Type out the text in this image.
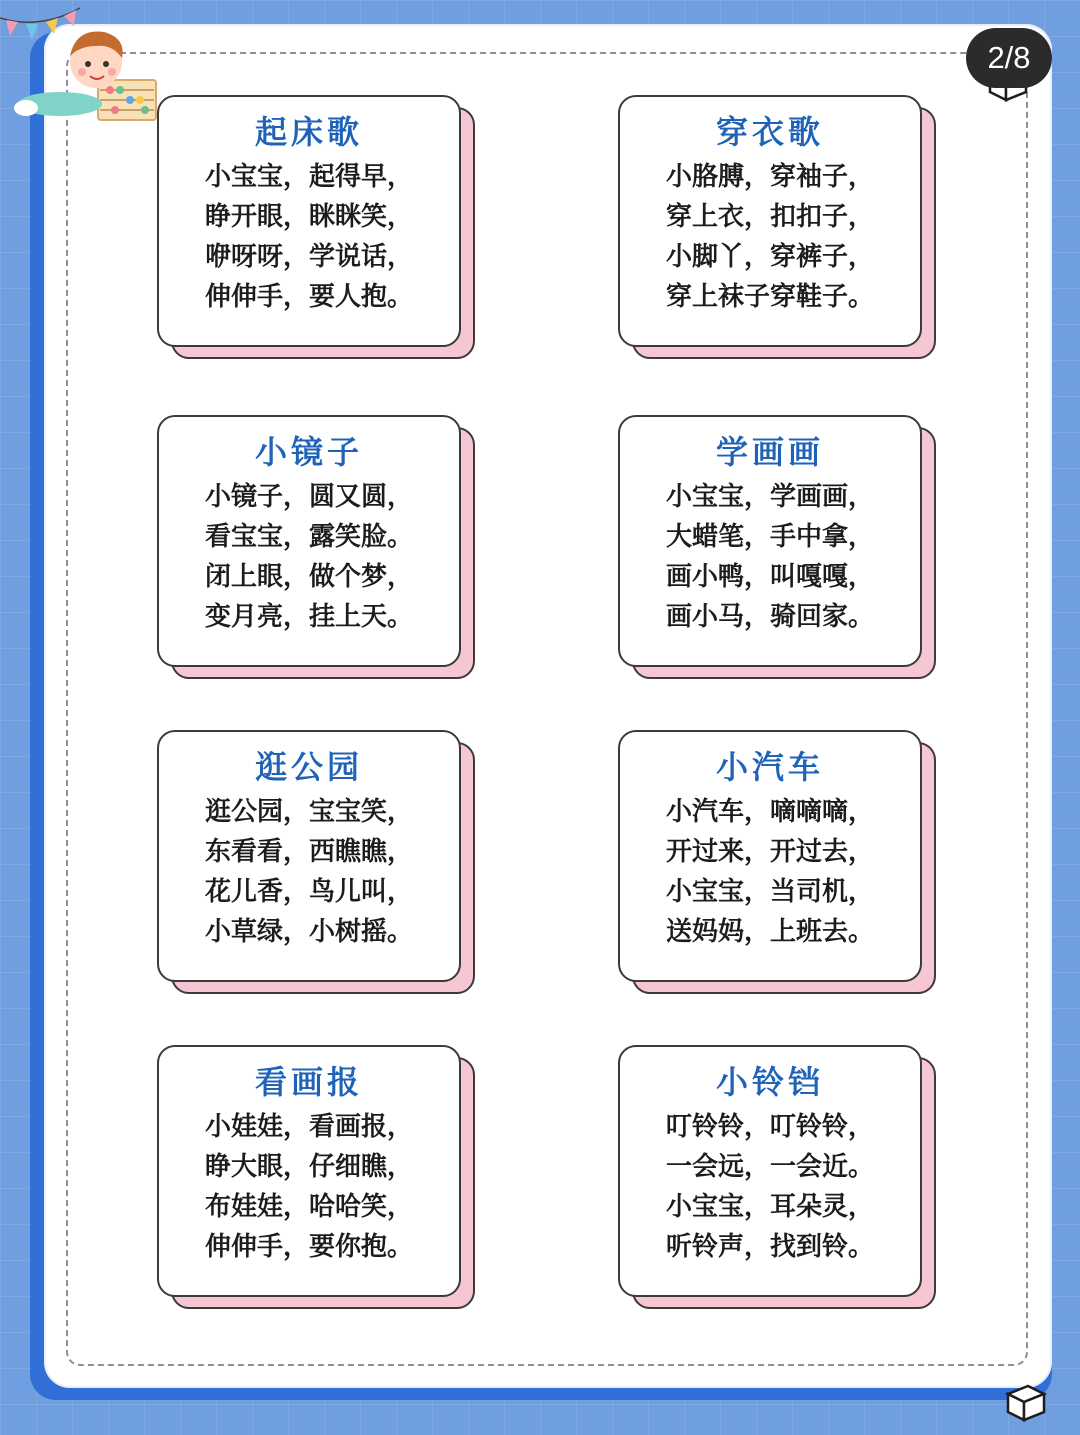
2/8
起床歌
小宝宝，起得早，
睁开眼，眯眯笑，
咿呀呀，学说话，
伸伸手，要人抱。
穿衣歌
小胳膊，穿袖子，
穿上衣，扣扣子，
小脚丫，穿裤子，
穿上袜子穿鞋子。
小镜子
小镜子，圆又圆，
看宝宝，露笑脸。
闭上眼，做个梦，
变月亮，挂上天。
学画画
小宝宝，学画画，
大蜡笔，手中拿，
画小鸭，叫嘎嘎，
画小马，骑回家。
逛公园
逛公园，宝宝笑，
东看看，西瞧瞧，
花儿香，鸟儿叫，
小草绿，小树摇。
小汽车
小汽车，嘀嘀嘀，
开过来，开过去，
小宝宝，当司机，
送妈妈，上班去。
看画报
小娃娃，看画报，
睁大眼，仔细瞧，
布娃娃，哈哈笑，
伸伸手，要你抱。
小铃铛
叮铃铃，叮铃铃，
一会远，一会近。
小宝宝，耳朵灵，
听铃声，找到铃。
